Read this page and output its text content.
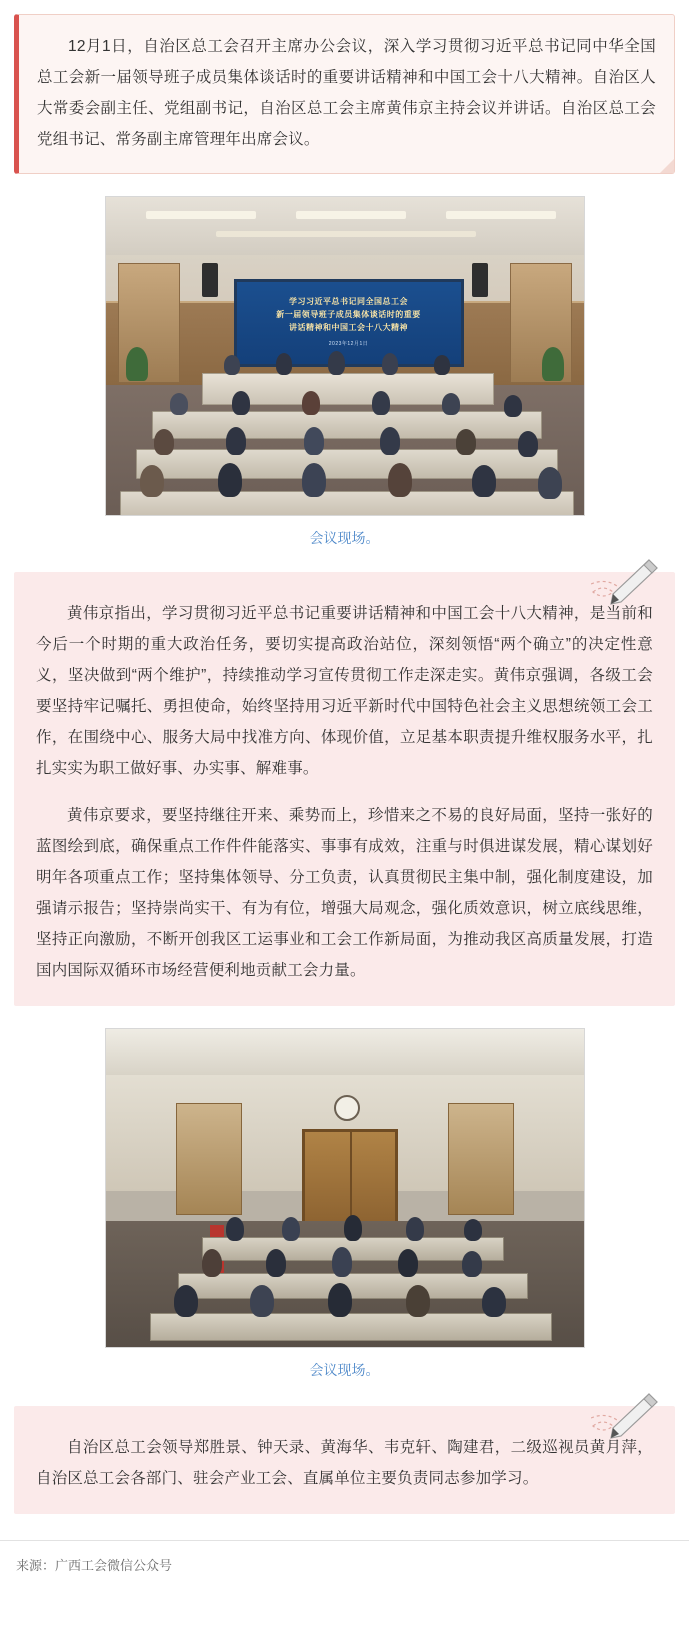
12月1日，自治区总工会召开主席办公会议，深入学习贯彻习近平总书记同中华全国总工会新一届领导班子成员集体谈话时的重要讲话精神和中国工会十八大精神。自治区人大常委会副主任、党组副书记，自治区总工会主席黄伟京主持会议并讲话。自治区总工会党组书记、常务副主席管理年出席会议。

学习习近平总书记同全国总工会
新一届领导班子成员集体谈话时的重要
讲话精神和中国工会十八大精神
2023年12月1日
会议现场。

黄伟京指出，学习贯彻习近平总书记重要讲话精神和中国工会十八大精神，是当前和今后一个时期的重大政治任务，要切实提高政治站位，深刻领悟“两个确立”的决定性意义，坚决做到“两个维护”，持续推动学习宣传贯彻工作走深走实。黄伟京强调，各级工会要坚持牢记嘱托、勇担使命，始终坚持用习近平新时代中国特色社会主义思想统领工会工作，在围绕中心、服务大局中找准方向、体现价值，立足基本职责提升维权服务水平，扎扎实实为职工做好事、办实事、解难事。

黄伟京要求，要坚持继往开来、乘势而上，珍惜来之不易的良好局面，坚持一张好的蓝图绘到底，确保重点工作件件能落实、事事有成效，注重与时俱进谋发展，精心谋划好明年各项重点工作；坚持集体领导、分工负责，认真贯彻民主集中制，强化制度建设，加强请示报告；坚持崇尚实干、有为有位，增强大局观念，强化质效意识，树立底线思维，坚持正向激励，不断开创我区工运事业和工会工作新局面，为推动我区高质量发展，打造国内国际双循环市场经营便利地贡献工会力量。

会议现场。

自治区总工会领导郑胜景、钟天录、黄海华、韦克轩、陶建君，二级巡视员黄月萍，自治区总工会各部门、驻会产业工会、直属单位主要负责同志参加学习。

来源：广西工会微信公众号
